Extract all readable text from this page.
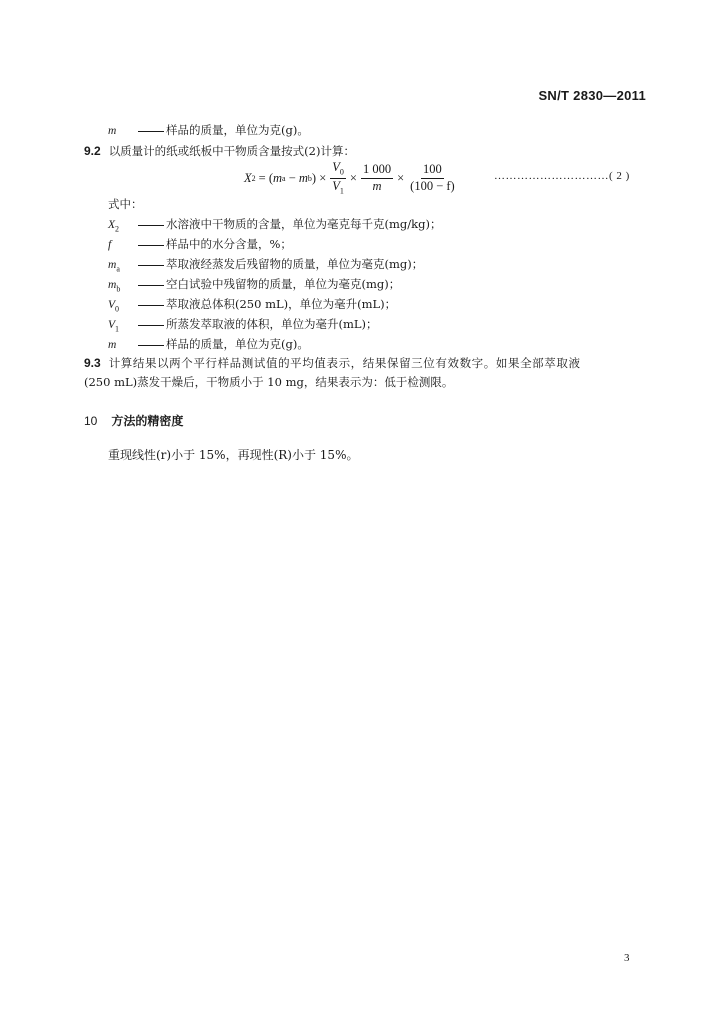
SN/T 2830—2011
m	样品的质量，单位为克(g)。
9.2 以质量计的纸或纸板中干物质含量按式(2)计算：
X 2 = ( m a − m b ) × $\frac{V_0}{V_1} \times \frac{1 000}{m} \times \frac{100}{(100 - f)}$	…………………………( 2 )
式中：
$X_2$	水溶液中干物质的含量，单位为毫克每千克(mg/kg)；
f	样品中的水分含量，%；
$m_a$	萃取液经蒸发后残留物的质量，单位为毫克(mg)；
$m_b$	空白试验中残留物的质量，单位为毫克(mg)；
$V_0$	萃取液总体积(250 mL)，单位为毫升(mL)；
$V_1$	所蒸发萃取液的体积，单位为毫升(mL)；
m	样品的质量，单位为克(g)。
9.3 计算结果以两个平行样品测试值的平均值表示，结果保留三位有效数字。如果全部萃取液
(250 mL)蒸发干燥后，干物质小于 10 mg，结果表示为：低于检测限。
10 方法的精密度
重现线性(r)小于 15%，再现性(R)小于 15%。
3
